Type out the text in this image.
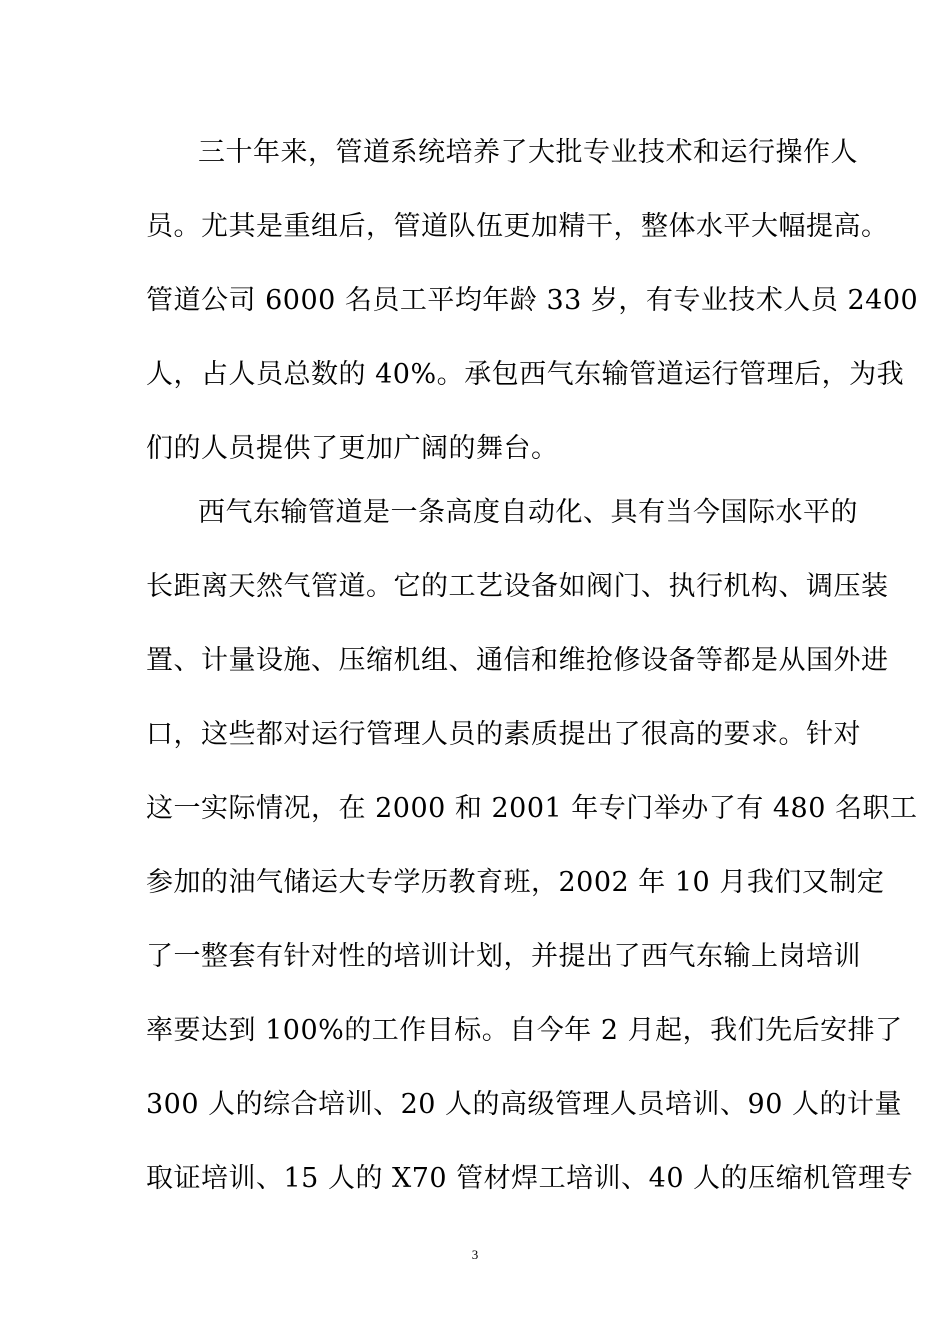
三十年来，管道系统培养了大批专业技术和运行操作人
员。尤其是重组后，管道队伍更加精干，整体水平大幅提高。
管道公司 6000 名员工平均年龄 33 岁，有专业技术人员 2400
人，占人员总数的 40%。承包西气东输管道运行管理后，为我
们的人员提供了更加广阔的舞台。
西气东输管道是一条高度自动化、具有当今国际水平的
长距离天然气管道。它的工艺设备如阀门、执行机构、调压装
置、计量设施、压缩机组、通信和维抢修设备等都是从国外进
口，这些都对运行管理人员的素质提出了很高的要求。针对
这一实际情况，在 2000 和 2001 年专门举办了有 480 名职工
参加的油气储运大专学历教育班，2002 年 10 月我们又制定
了一整套有针对性的培训计划，并提出了西气东输上岗培训
率要达到 100%的工作目标。自今年 2 月起，我们先后安排了
300 人的综合培训、20 人的高级管理人员培训、90 人的计量
取证培训、15 人的 X70 管材焊工培训、40 人的压缩机管理专
3
